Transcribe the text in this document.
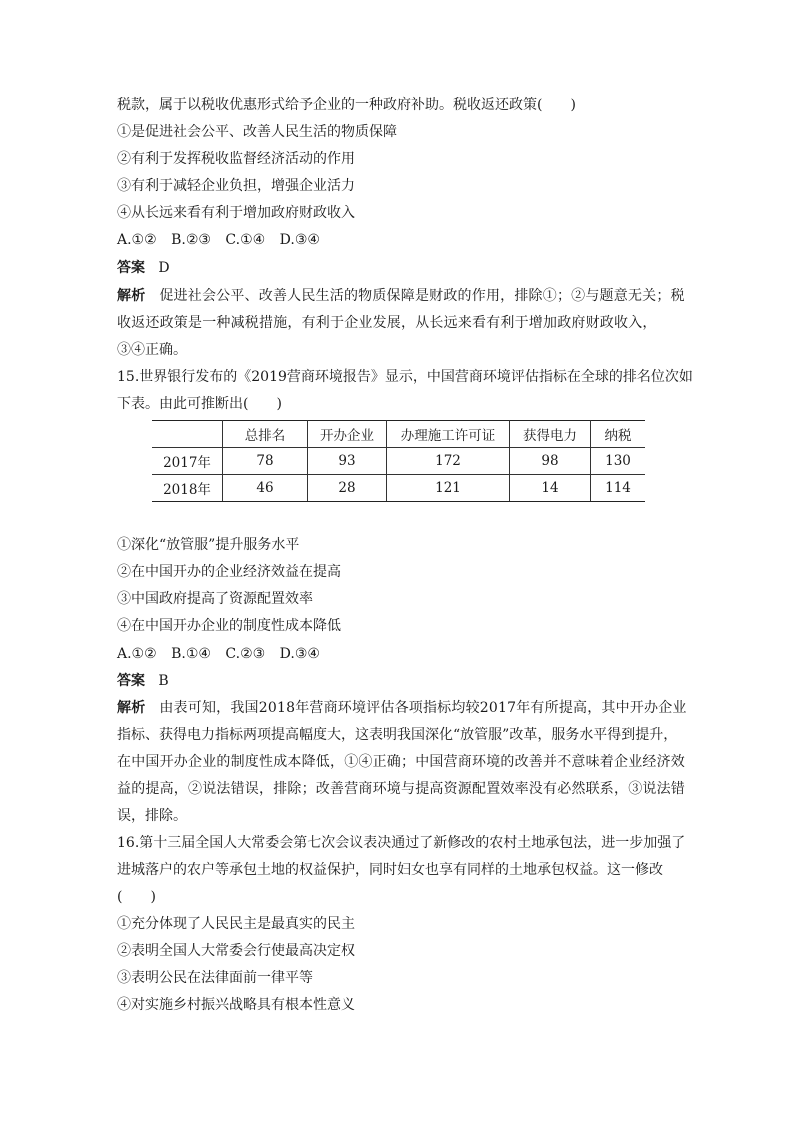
税款，属于以税收优惠形式给予企业的一种政府补助。税收返还政策(　　)
①是促进社会公平、改善人民生活的物质保障
②有利于发挥税收监督经济活动的作用
③有利于减轻企业负担，增强企业活力
④从长远来看有利于增加政府财政收入
A.①② B.②③ C.①④ D.③④
答案 D
解析 促进社会公平、改善人民生活的物质保障是财政的作用，排除①；②与题意无关；税
收返还政策是一种减税措施，有利于企业发展，从长远来看有利于增加政府财政收入，
③④正确。
15.世界银行发布的《2019营商环境报告》显示，中国营商环境评估指标在全球的排名位次如
下表。由此可推断出(　　)
	总排名	开办企业	办理施工许可证	获得电力	纳税
2017年	78	93	172	98	130
2018年	46	28	121	14	114
①深化“放管服”提升服务水平
②在中国开办的企业经济效益在提高
③中国政府提高了资源配置效率
④在中国开办企业的制度性成本降低
A.①② B.①④ C.②③ D.③④
答案 B
解析 由表可知，我国2018年营商环境评估各项指标均较2017年有所提高，其中开办企业
指标、获得电力指标两项提高幅度大，这表明我国深化“放管服”改革，服务水平得到提升，
在中国开办企业的制度性成本降低，①④正确；中国营商环境的改善并不意味着企业经济效
益的提高，②说法错误，排除；改善营商环境与提高资源配置效率没有必然联系，③说法错
误，排除。
16.第十三届全国人大常委会第七次会议表决通过了新修改的农村土地承包法，进一步加强了
进城落户的农户等承包土地的权益保护，同时妇女也享有同样的土地承包权益。这一修改
(　　)
①充分体现了人民民主是最真实的民主
②表明全国人大常委会行使最高决定权
③表明公民在法律面前一律平等
④对实施乡村振兴战略具有根本性意义
